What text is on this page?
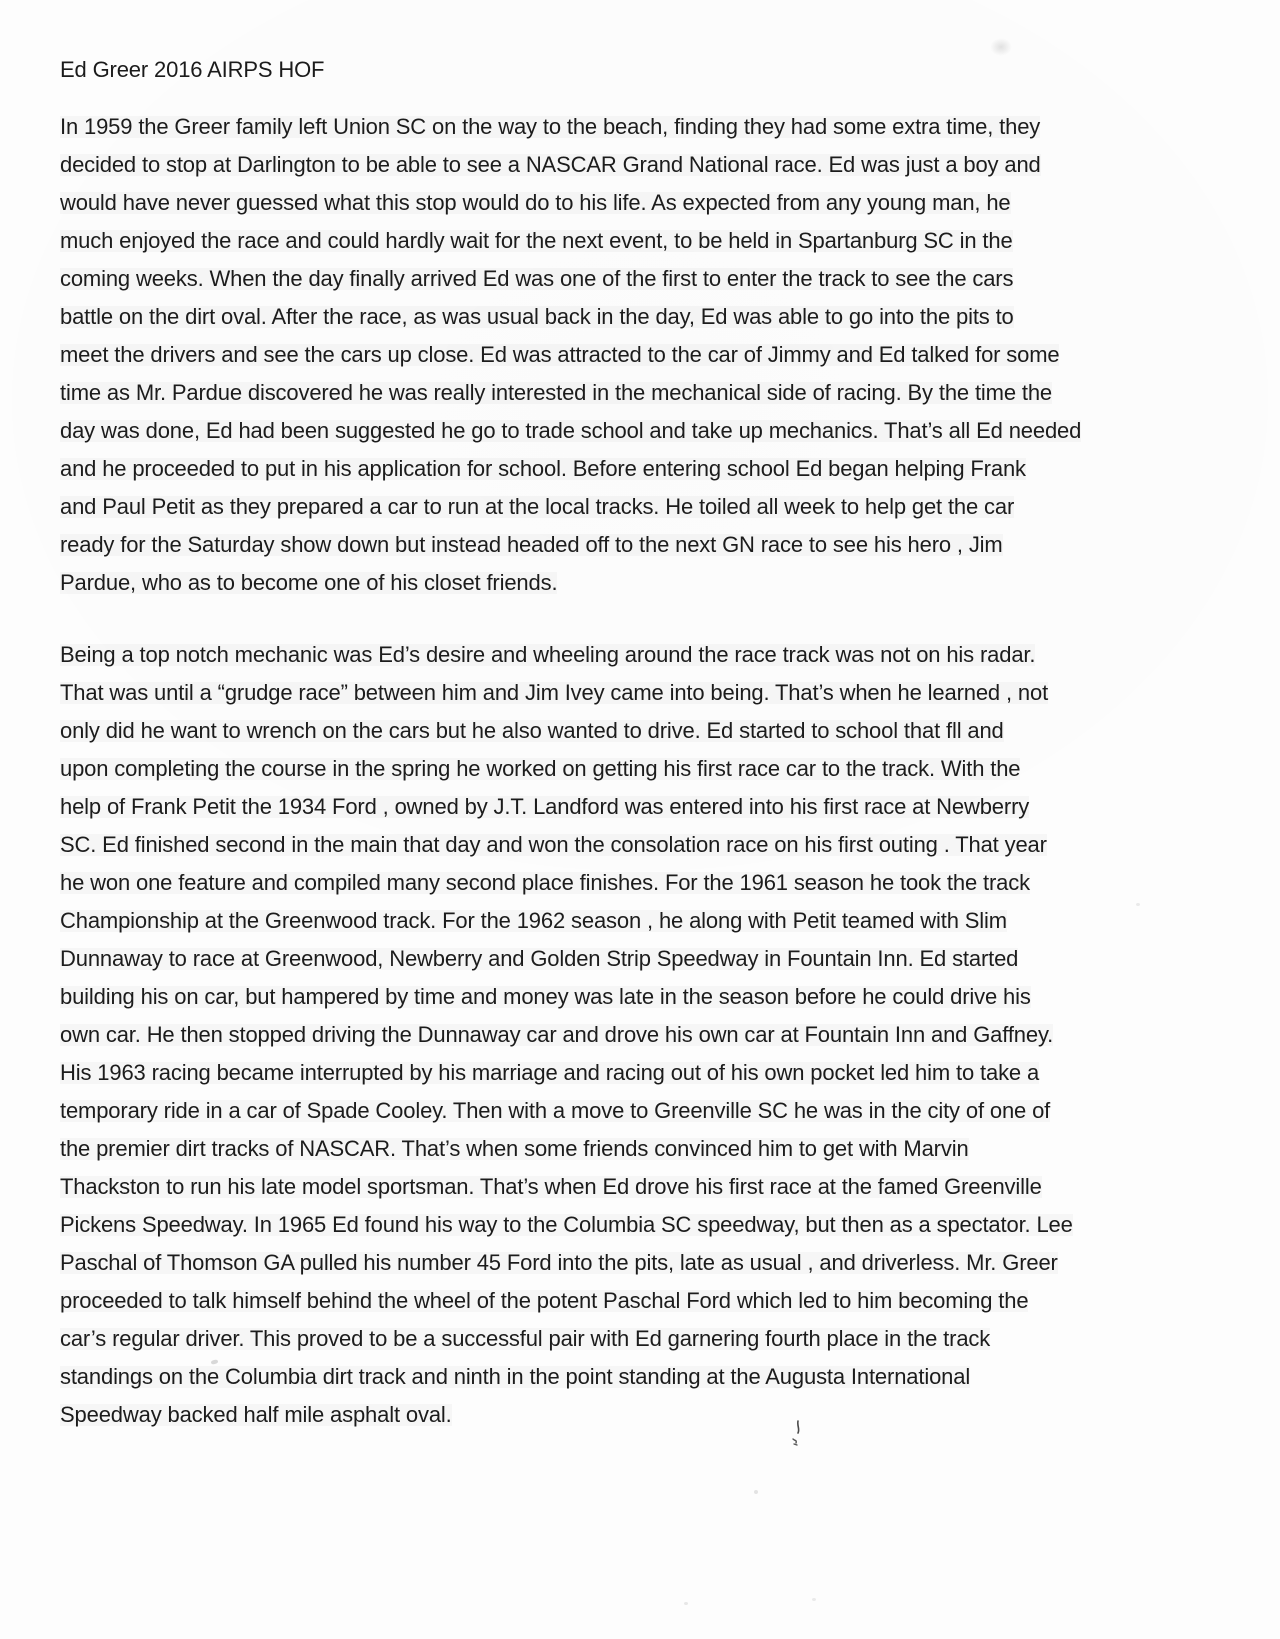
Ed Greer 2016 AIRPS HOF
In 1959 the Greer family left Union SC on the way to the beach, finding they had some extra time, they
decided to stop at Darlington to be able to see a NASCAR Grand National race. Ed was just a boy and
would have never guessed what this stop would do to his life. As expected from any young man, he
much enjoyed the race and could hardly wait for the next event, to be held in Spartanburg SC in the
coming weeks. When the day finally arrived Ed was one of the first to enter the track to see the cars
battle on the dirt oval. After the race, as was usual back in the day, Ed was able to go into the pits to
meet the drivers and see the cars up close. Ed was attracted to the car of Jimmy and Ed talked for some
time as Mr. Pardue discovered he was really interested in the mechanical side of racing. By the time the
day was done, Ed had been suggested he go to trade school and take up mechanics. That’s all Ed needed
and he proceeded to put in his application for school. Before entering school Ed began helping Frank
and Paul Petit as they prepared a car to run at the local tracks. He toiled all week to help get the car
ready for the Saturday show down but instead headed off to the next GN race to see his hero , Jim
Pardue, who as to become one of his closet friends.
Being a top notch mechanic was Ed’s desire and wheeling around the race track was not on his radar.
That was until a “grudge race” between him and Jim Ivey came into being. That’s when he learned , not
only did he want to wrench on the cars but he also wanted to drive. Ed started to school that fll and
upon completing the course in the spring he worked on getting his first race car to the track. With the
help of Frank Petit the 1934 Ford , owned by J.T. Landford was entered into his first race at Newberry
SC. Ed finished second in the main that day and won the consolation race on his first outing . That year
he won one feature and compiled many second place finishes. For the 1961 season he took the track
Championship at the Greenwood track. For the 1962 season , he along with Petit teamed with Slim
Dunnaway to race at Greenwood, Newberry and Golden Strip Speedway in Fountain Inn. Ed started
building his on car, but hampered by time and money was late in the season before he could drive his
own car. He then stopped driving the Dunnaway car and drove his own car at Fountain Inn and Gaffney.
His 1963 racing became interrupted by his marriage and racing out of his own pocket led him to take a
temporary ride in a car of Spade Cooley. Then with a move to Greenville SC he was in the city of one of
the premier dirt tracks of NASCAR. That’s when some friends convinced him to get with Marvin
Thackston to run his late model sportsman. That’s when Ed drove his first race at the famed Greenville
Pickens Speedway. In 1965 Ed found his way to the Columbia SC speedway, but then as a spectator. Lee
Paschal of Thomson GA pulled his number 45 Ford into the pits, late as usual , and driverless. Mr. Greer
proceeded to talk himself behind the wheel of the potent Paschal Ford which led to him becoming the
car’s regular driver. This proved to be a successful pair with Ed garnering fourth place in the track
standings on the Columbia dirt track and ninth in the point standing at the Augusta International
Speedway backed half mile asphalt oval.
